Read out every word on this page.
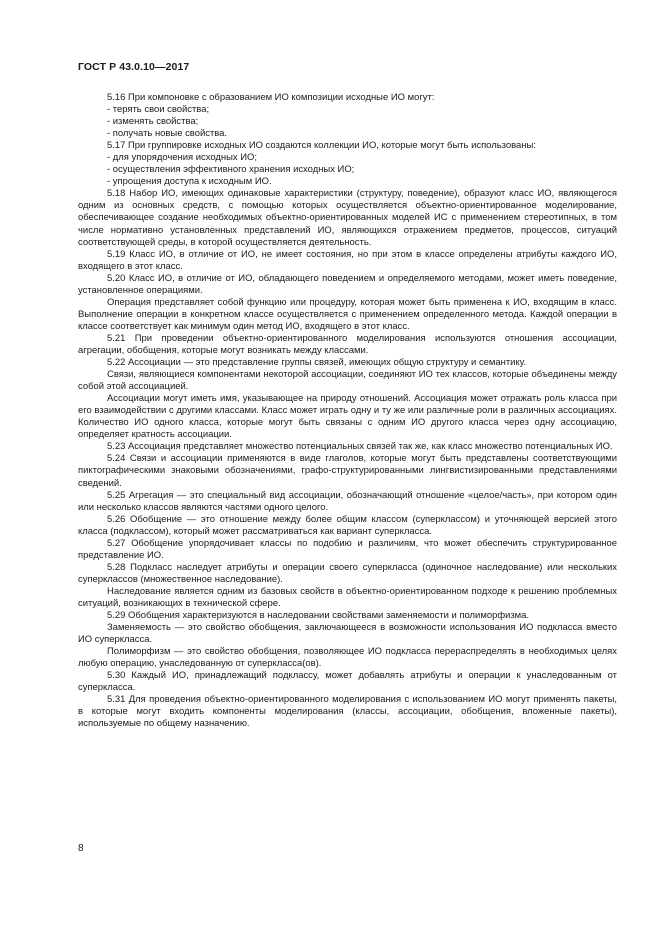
ГОСТ Р 43.0.10—2017

5.16 При компоновке с образованием ИО композиции исходные ИО могут:

- терять свои свойства;

- изменять свойства;

- получать новые свойства.

5.17 При группировке исходных ИО создаются коллекции ИО, которые могут быть использованы:

- для упорядочения исходных ИО;

- осуществления эффективного хранения исходных ИО;

- упрощения доступа к исходным ИО.

5.18 Набор ИО, имеющих одинаковые характеристики (структуру, поведение), образуют класс ИО, являющегося одним из основных средств, с помощью которых осуществляется объектно-ориентированное моделирование, обеспечивающее создание необходимых объектно-ориентированных моделей ИС с применением стереотипных, в том числе нормативно установленных представлений ИО, являющихся отражением предметов, процессов, ситуаций соответствующей среды, в которой осуществляется деятельность.

5.19 Класс ИО, в отличие от ИО, не имеет состояния, но при этом в классе определены атрибуты каждого ИО, входящего в этот класс.

5.20 Класс ИО, в отличие от ИО, обладающего поведением и определяемого методами, может иметь поведение, установленное операциями.

Операция представляет собой функцию или процедуру, которая может быть применена к ИО, входящим в класс. Выполнение операции в конкретном классе осуществляется с применением определенного метода. Каждой операции в классе соответствует как минимум один метод ИО, входящего в этот класс.

5.21 При проведении объектно-ориентированного моделирования используются отношения ассоциации, агрегации, обобщения, которые могут возникать между классами.

5.22 Ассоциации — это представление группы связей, имеющих общую структуру и семантику.

Связи, являющиеся компонентами некоторой ассоциации, соединяют ИО тех классов, которые объединены между собой этой ассоциацией.

Ассоциации могут иметь имя, указывающее на природу отношений. Ассоциация может отражать роль класса при его взаимодействии с другими классами. Класс может играть одну и ту же или различные роли в различных ассоциациях. Количество ИО одного класса, которые могут быть связаны с одним ИО другого класса через одну ассоциацию, определяет кратность ассоциации.

5.23 Ассоциация представляет множество потенциальных связей так же, как класс множество потенциальных ИО.

5.24 Связи и ассоциации применяются в виде глаголов, которые могут быть представлены соответствующими пиктографическими знаковыми обозначениями, графо-структурированными лингвистизированными представлениями сведений.

5.25 Агрегация — это специальный вид ассоциации, обозначающий отношение «целое/часть», при котором один или несколько классов являются частями одного целого.

5.26 Обобщение — это отношение между более общим классом (суперклассом) и уточняющей версией этого класса (подклассом), который может рассматриваться как вариант суперкласса.

5.27 Обобщение упорядочивает классы по подобию и различиям, что может обеспечить структурированное представление ИО.

5.28 Подкласс наследует атрибуты и операции своего суперкласса (одиночное наследование) или нескольких суперклассов (множественное наследование).

Наследование является одним из базовых свойств в объектно-ориентированном подходе к решению проблемных ситуаций, возникающих в технической сфере.

5.29 Обобщения характеризуются в наследовании свойствами заменяемости и полиморфизма.

Заменяемость — это свойство обобщения, заключающееся в возможности использования ИО подкласса вместо ИО суперкласса.

Полиморфизм — это свойство обобщения, позволяющее ИО подкласса перераспределять в необходимых целях любую операцию, унаследованную от суперкласса(ов).

5.30 Каждый ИО, принадлежащий подклассу, может добавлять атрибуты и операции к унаследованным от суперкласса.

5.31 Для проведения объектно-ориентированного моделирования с использованием ИО могут применять пакеты, в которые могут входить компоненты моделирования (классы, ассоциации, обобщения, вложенные пакеты), используемые по общему назначению.

8
